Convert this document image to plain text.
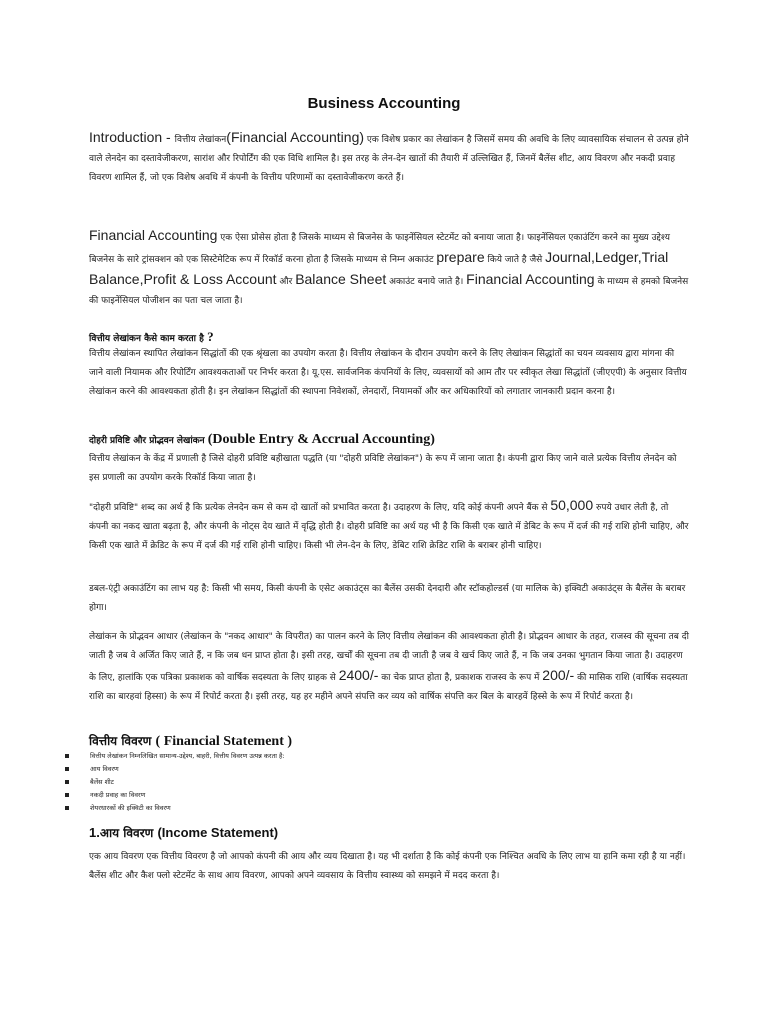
Business Accounting
Introduction - वित्तीय लेखांकन(Financial Accounting) एक विशेष प्रकार का लेखांकन है जिसमें समय की अवधि के लिए व्यावसायिक संचालन से उत्पन्न होने वाले लेनदेन का दस्तावेजीकरण, सारांश और रिपोर्टिंग की एक विधि शामिल है। इस तरह के लेन-देन खातों की तैयारी में उल्लिखित हैं, जिनमें बैलेंस शीट, आय विवरण और नकदी प्रवाह विवरण शामिल हैं, जो एक विशेष अवधि में कंपनी के वित्तीय परिणामों का दस्तावेजीकरण करते हैं।
Financial Accounting एक ऐसा प्रोसेस होता है जिसके माध्यम से बिजनेस के फाइनेंसियल स्टेटमेंट को बनाया जाता है। फाइनेंसियल एकाउंटिंग करने का मुख्य उद्देश्य बिजनेस के सारे ट्रांसक्शन को एक सिस्टेमेटिक रूप में रिकॉर्ड करना होता है जिसके माध्यम से निम्न अकाउंट prepare किये जाते है जैसे Journal,Ledger,Trial Balance,Profit & Loss Account और Balance Sheet अकाउंट बनाये जाते है। Financial Accounting के माध्यम से हमको बिजनेस की फाइनेंसियल पोजीशन का पता चल जाता है।
वित्तीय लेखांकन कैसे काम करता है ?
वित्तीय लेखांकन स्थापित लेखांकन सिद्धांतों की एक श्रृंखला का उपयोग करता है। वित्तीय लेखांकन के दौरान उपयोग करने के लिए लेखांकन सिद्धांतों का चयन व्यवसाय द्वारा मांगना की जाने वाली नियामक और रिपोर्टिंग आवश्यकताओं पर निर्भर करता है। यू.एस. सार्वजनिक कंपनियों के लिए, व्यवसायों को आम तौर पर स्वीकृत लेखा सिद्धांतों (जीएएपी) के अनुसार वित्तीय लेखांकन करने की आवश्यकता होती है। इन लेखांकन सिद्धांतों की स्थापना निवेशकों, लेनदारों, नियामकों और कर अधिकारियों को लगातार जानकारी प्रदान करना है।
दोहरी प्रविष्टि और प्रोद्भवन लेखांकन (Double Entry & Accrual Accounting)
वित्तीय लेखांकन के केंद्र में प्रणाली है जिसे दोहरी प्रविष्टि बहीखाता पद्धति (या "दोहरी प्रविष्टि लेखांकन") के रूप में जाना जाता है। कंपनी द्वारा किए जाने वाले प्रत्येक वित्तीय लेनदेन को इस प्रणाली का उपयोग करके रिकॉर्ड किया जाता है।
"दोहरी प्रविष्टि" शब्द का अर्थ है कि प्रत्येक लेनदेन कम से कम दो खातों को प्रभावित करता है। उदाहरण के लिए, यदि कोई कंपनी अपने बैंक से 50,000 रुपये उधार लेती है, तो कंपनी का नकद खाता बढ़ता है, और कंपनी के नोट्स देय खाते में वृद्धि होती है। दोहरी प्रविष्टि का अर्थ यह भी है कि किसी एक खाते में डेबिट के रूप में दर्ज की गई राशि होनी चाहिए, और किसी एक खाते में क्रेडिट के रूप में दर्ज की गई राशि होनी चाहिए। किसी भी लेन-देन के लिए, डेबिट राशि क्रेडिट राशि के बराबर होनी चाहिए।
डबल-एंट्री अकाउंटिंग का लाभ यह है: किसी भी समय, किसी कंपनी के एसेट अकाउंट्स का बैलेंस उसकी देनदारी और स्टॉकहोल्डर्स (या मालिक के) इक्विटी अकाउंट्स के बैलेंस के बराबर होगा।
लेखांकन के प्रोद्भवन आधार (लेखांकन के "नकद आधार" के विपरीत) का पालन करने के लिए वित्तीय लेखांकन की आवश्यकता होती है। प्रोद्भवन आधार के तहत, राजस्व की सूचना तब दी जाती है जब वे अर्जित किए जाते हैं, न कि जब धन प्राप्त होता है। इसी तरह, खर्चों की सूचना तब दी जाती है जब वे खर्च किए जाते हैं, न कि जब उनका भुगतान किया जाता है। उदाहरण के लिए, हालांकि एक पत्रिका प्रकाशक को वार्षिक सदस्यता के लिए ग्राहक से 2400/- का चेक प्राप्त होता है, प्रकाशक राजस्व के रूप में 200/- की मासिक राशि (वार्षिक सदस्यता राशि का बारहवां हिस्सा) के रूप में रिपोर्ट करता है। इसी तरह, यह हर महीने अपने संपत्ति कर व्यय को वार्षिक संपत्ति कर बिल के बारहवें हिस्से के रूप में रिपोर्ट करता है।
वित्तीय विवरण ( Financial Statement )
वित्तीय लेखांकन निम्नलिखित सामान्य-उद्देश्य, बाहरी, वित्तीय विवरण उत्पन्न करता है:
आय विवरण
बैलेंस शीट
नकदी प्रवाह का विवरण
शेयरधारकों की इक्विटी का विवरण
1.आय विवरण (Income Statement)
एक आय विवरण एक वित्तीय विवरण है जो आपको कंपनी की आय और व्यय दिखाता है। यह भी दर्शाता है कि कोई कंपनी एक निश्चित अवधि के लिए लाभ या हानि कमा रही है या नहीं। बैलेंस शीट और कैश फ्लो स्टेटमेंट के साथ आय विवरण, आपको अपने व्यवसाय के वित्तीय स्वास्थ्य को समझने में मदद करता है।
